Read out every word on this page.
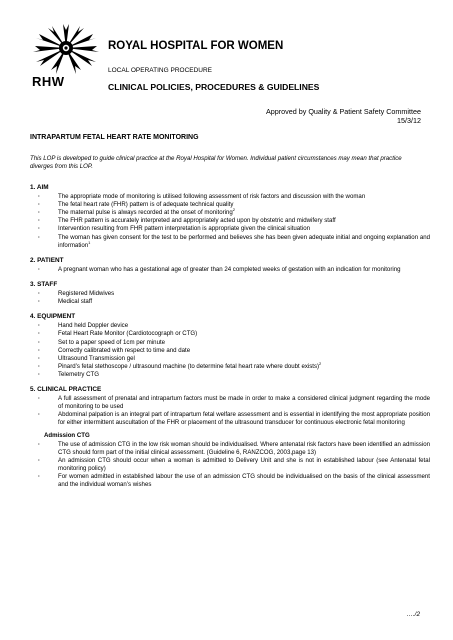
RHW
ROYAL HOSPITAL FOR WOMEN
LOCAL OPERATING PROCEDURE
CLINICAL POLICIES, PROCEDURES & GUIDELINES
Approved by Quality & Patient Safety Committee
15/3/12
INTRAPARTUM FETAL HEART RATE MONITORING
This LOP is developed to guide clinical practice at the Royal Hospital for Women. Individual patient circumstances may mean that practice diverges from this LOP.
1. AIM
· The appropriate mode of monitoring is utilised following assessment of risk factors and discussion with the woman
· The fetal heart rate (FHR) pattern is of adequate technical quality
· The maternal pulse is always recorded at the onset of monitoring$^2$
· The FHR pattern is accurately interpreted and appropriately acted upon by obstetric and midwifery staff
· Intervention resulting from FHR pattern interpretation is appropriate given the clinical situation
· The woman has given consent for the test to be performed and believes she has been given adequate initial and ongoing explanation and information$^1$
2. PATIENT
· A pregnant woman who has a gestational age of greater than 24 completed weeks of gestation with an indication for monitoring
3. STAFF
· Registered Midwives
· Medical staff
4. EQUIPMENT
· Hand held Doppler device
· Fetal Heart Rate Monitor (Cardiotocograph or CTG)
· Set to a paper speed of 1cm per minute
· Correctly calibrated with respect to time and date
· Ultrasound Transmission gel
· Pinard’s fetal stethoscope / ultrasound machine (to determine fetal heart rate where doubt exists)$^2$
· Telemetry CTG
5. CLINICAL PRACTICE
· A full assessment of prenatal and intrapartum factors must be made in order to make a considered clinical judgment regarding the mode of monitoring to be used
· Abdominal palpation is an integral part of intrapartum fetal welfare assessment and is essential in identifying the most appropriate position for either intermittent auscultation of the FHR or placement of the ultrasound transducer for continuous electronic fetal monitoring
Admission CTG
· The use of admission CTG in the low risk woman should be individualised. Where antenatal risk factors have been identified an admission CTG should form part of the initial clinical assessment. (Guideline 6, RANZCOG, 2003,page 13)
· An admission CTG should occur when a woman is admitted to Delivery Unit and she is not in established labour (see Antenatal fetal monitoring policy)
· For women admitted in established labour the use of an admission CTG should be individualised on the basis of the clinical assessment and the individual woman’s wishes
…./2
